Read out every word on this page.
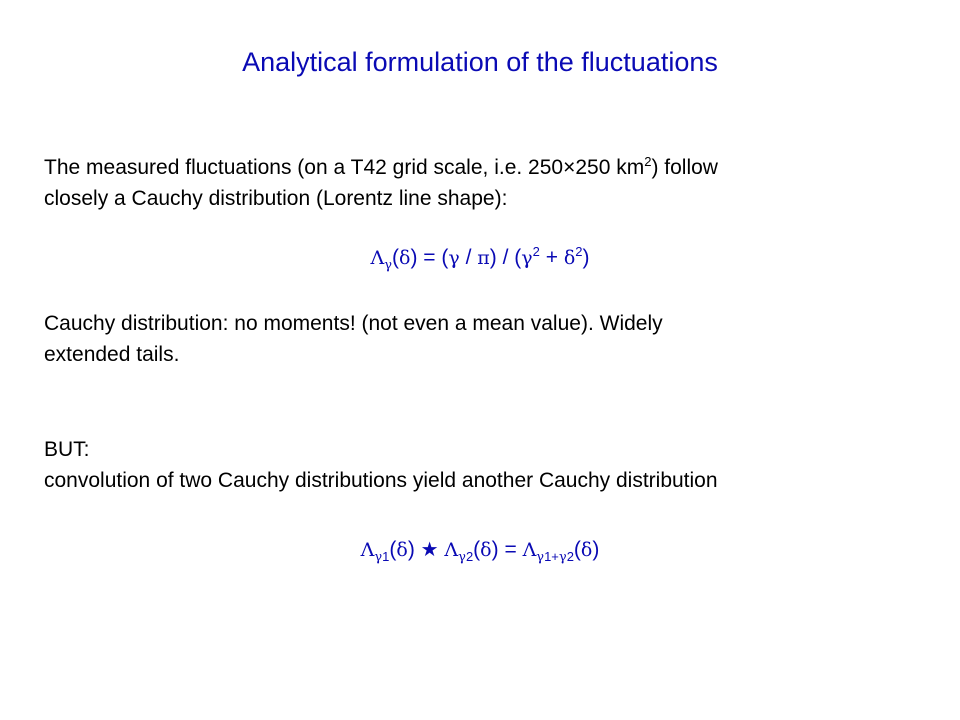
Analytical formulation of the fluctuations
The measured fluctuations (on a T42 grid scale, i.e. 250×250 $km^2$) follow
closely a Cauchy distribution (Lorentz line shape):
$\Lambda_\gamma(\delta) = (\gamma / \pi) / (\gamma^2 + \delta^2)$
Cauchy distribution: no moments! (not even a mean value). Widely
extended tails.
BUT:
convolution of two Cauchy distributions yield another Cauchy distribution
$\Lambda_{\gamma 1}(\delta)$ ★ $\Lambda_{\gamma 2}(\delta) = \Lambda_{\gamma 1+\gamma 2}(\delta)$
